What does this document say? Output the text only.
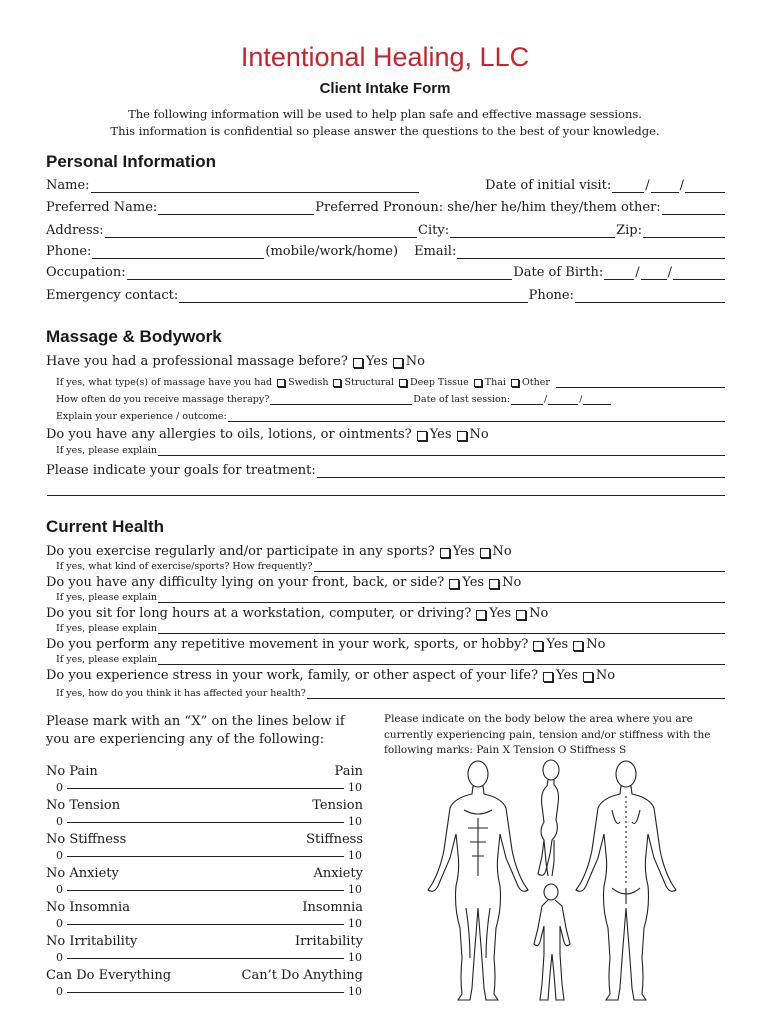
Intentional Healing, LLC
Client Intake Form
The following information will be used to help plan safe and effective massage sessions.
This information is confidential so please answer the questions to the best of your knowledge.
Personal Information
Name:	Date of initial visit:	/ /
Preferred Name:	Preferred Pronoun: she/her he/him they/them other:
Address:	City:	Zip:
Phone:	(mobile/work/home) Email:
Occupation:	Date of Birth: / /
Emergency contact:	Phone:
Massage & Bodywork
Have you had a professional massage before? Yes No
If yes, what type(s) of massage have you had Swedish Structural Deep Tissue Thai Other
How often do you receive massage therapy?	Date of last session:	/	/
Explain your experience / outcome:
Do you have any allergies to oils, lotions, or ointments? Yes No
If yes, please explain
Please indicate your goals for treatment:
Current Health
Do you exercise regularly and/or participate in any sports? Yes No
If yes, what kind of exercise/sports? How frequently?
Do you have any difficulty lying on your front, back, or side? Yes No
If yes, please explain
Do you sit for long hours at a workstation, computer, or driving? Yes No
If yes, please explain
Do you perform any repetitive movement in your work, sports, or hobby? Yes No
If yes, please explain
Do you experience stress in your work, family, or other aspect of your life? Yes No
If yes, how do you think it has affected your health?
Please mark with an “X” on the lines below if you are experiencing any of the following:
No Pain	Pain
0	10
No Tension	Tension
0	10
No Stiffness	Stiffness
0	10
No Anxiety	Anxiety
0	10
No Insomnia	Insomnia
0	10
No Irritability	Irritability
0	10
Can Do Everything	Can’t Do Anything
0	10
Please indicate on the body below the area where you are currently experiencing pain, tension and/or stiffness with the following marks: Pain X Tension O Stiffness S
